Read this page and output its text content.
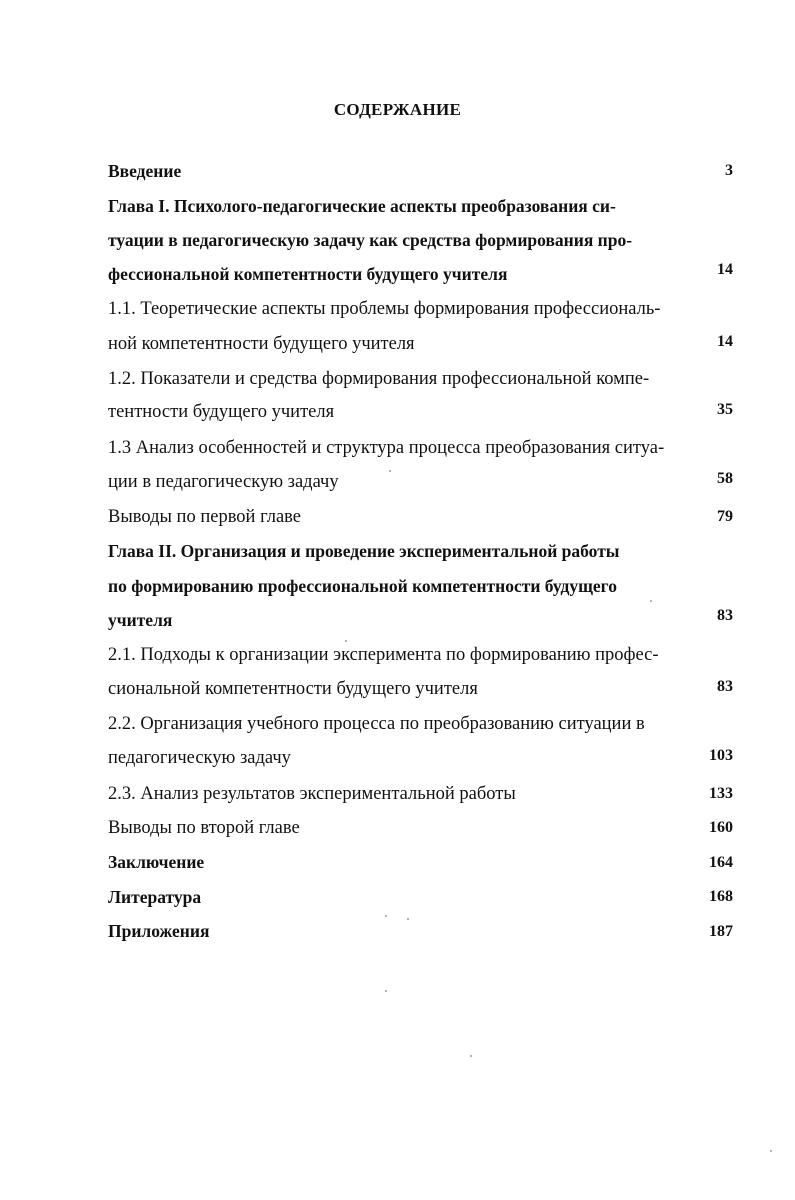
СОДЕРЖАНИЕ
Введение	3
Глава I. Психолого-педагогические аспекты преобразования си-
туации в педагогическую задачу как средства формирования про-
фессиональной компетентности будущего учителя	14
1.1. Теоретические аспекты проблемы формирования профессиональ-
ной компетентности будущего учителя	14
1.2. Показатели и средства формирования профессиональной компе-
тентности будущего учителя	35
1.3 Анализ особенностей и структура процесса преобразования ситуа-
ции в педагогическую задачу	58
Выводы по первой главе	79
Глава II. Организация и проведение экспериментальной работы
по формированию профессиональной компетентности будущего
учителя	83
2.1. Подходы к организации эксперимента по формированию профес-
сиональной компетентности будущего учителя	83
2.2. Организация учебного процесса по преобразованию ситуации в
педагогическую задачу	103
2.3. Анализ результатов экспериментальной работы	133
Выводы по второй главе	160
Заключение	164
Литература	168
Приложения	187
